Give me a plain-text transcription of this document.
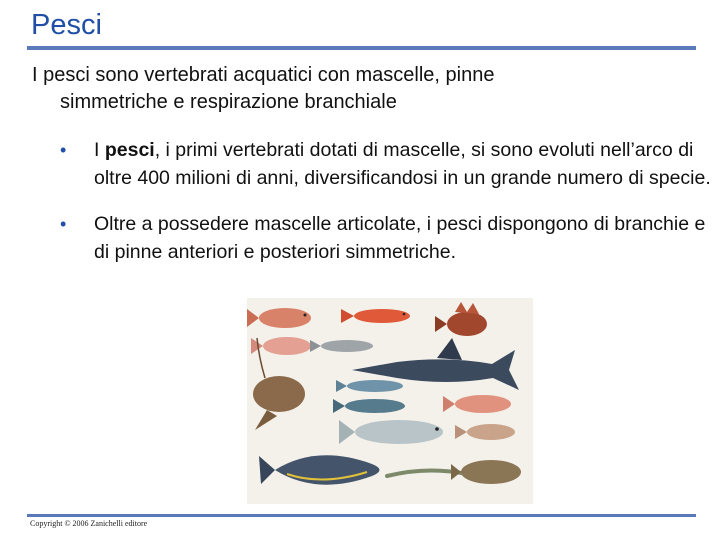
Pesci
I pesci sono vertebrati acquatici con mascelle, pinne
simmetriche e respirazione branchiale
• I pesci, i primi vertebrati dotati di mascelle, si sono evoluti nell’arco di oltre 400 milioni di anni, diversificandosi in un grande numero di specie.
• Oltre a possedere mascelle articolate, i pesci dispongono di branchie e di pinne anteriori e posteriori simmetriche.
Copyright © 2006 Zanichelli editore
